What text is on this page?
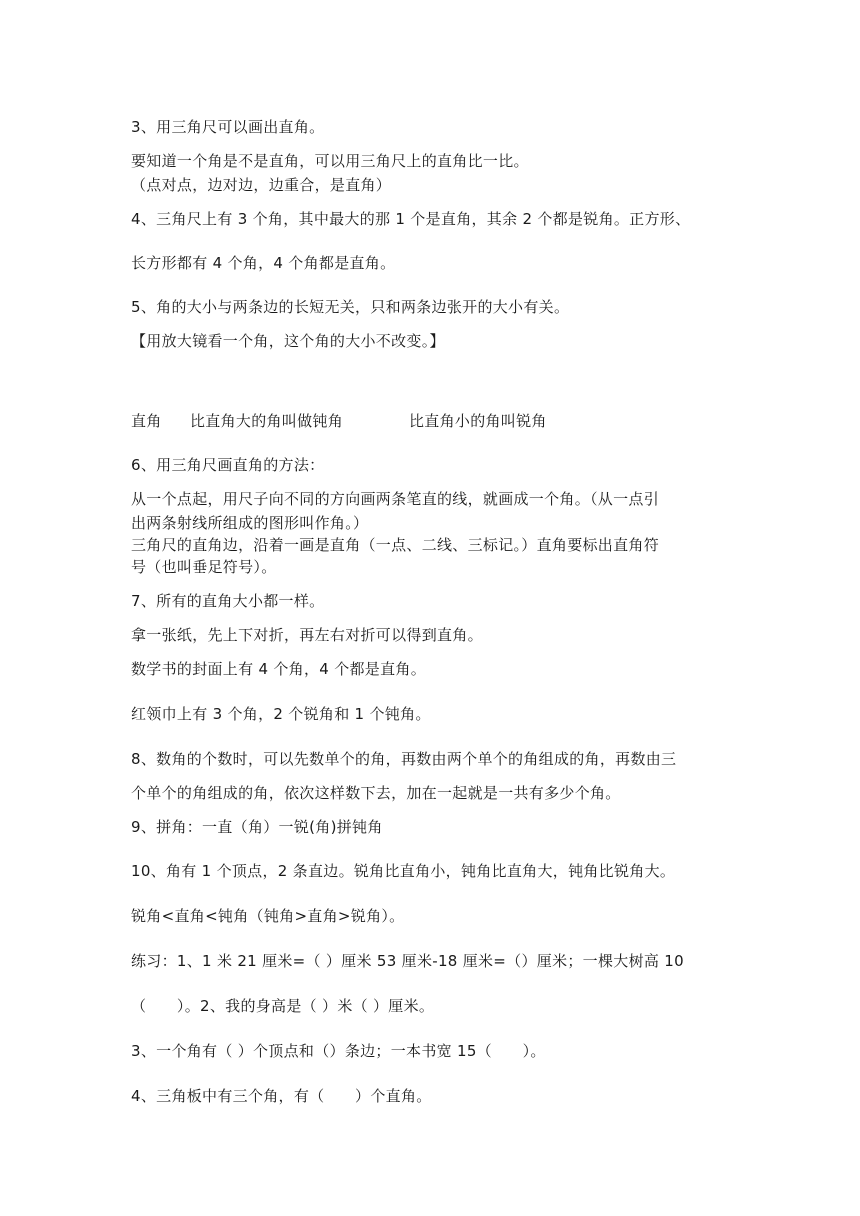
3、用三角尺可以画出直角。
要知道一个角是不是直角，可以用三角尺上的直角比一比。
（点对点，边对边，边重合，是直角）
4、三角尺上有 3 个角，其中最大的那 1 个是直角，其余 2 个都是锐角。正方形、
长方形都有 4 个角，4 个角都是直角。
5、角的大小与两条边的长短无关，只和两条边张开的大小有关。
【用放大镜看一个角，这个角的大小不改变。】
直角 比直角大的角叫做钝角	比直角小的角叫锐角
6、用三角尺画直角的方法：
从一个点起，用尺子向不同的方向画两条笔直的线，就画成一个角。（从一点引
出两条射线所组成的图形叫作角。）
三角尺的直角边，沿着一画是直角（一点、二线、三标记。）直角要标出直角符
号（也叫垂足符号）。
7、所有的直角大小都一样。
拿一张纸，先上下对折，再左右对折可以得到直角。
数学书的封面上有 4 个角，4 个都是直角。
红领巾上有 3 个角，2 个锐角和 1 个钝角。
8、数角的个数时，可以先数单个的角，再数由两个单个的角组成的角，再数由三
个单个的角组成的角，依次这样数下去，加在一起就是一共有多少个角。
9、拼角：一直（角）一锐(角)拼钝角
10、角有 1 个顶点，2 条直边。锐角比直角小，钝角比直角大，钝角比锐角大。
锐角<直角<钝角（钝角>直角>锐角）。
练习：1、1 米 21 厘米=（ ）厘米 53 厘米-18 厘米=（）厘米；一棵大树高 10
（　　）。2、我的身高是（ ）米（ ）厘米。
3、一个角有（ ）个顶点和（）条边；一本书宽 15（　　）。
4、三角板中有三个角，有（　　）个直角。
